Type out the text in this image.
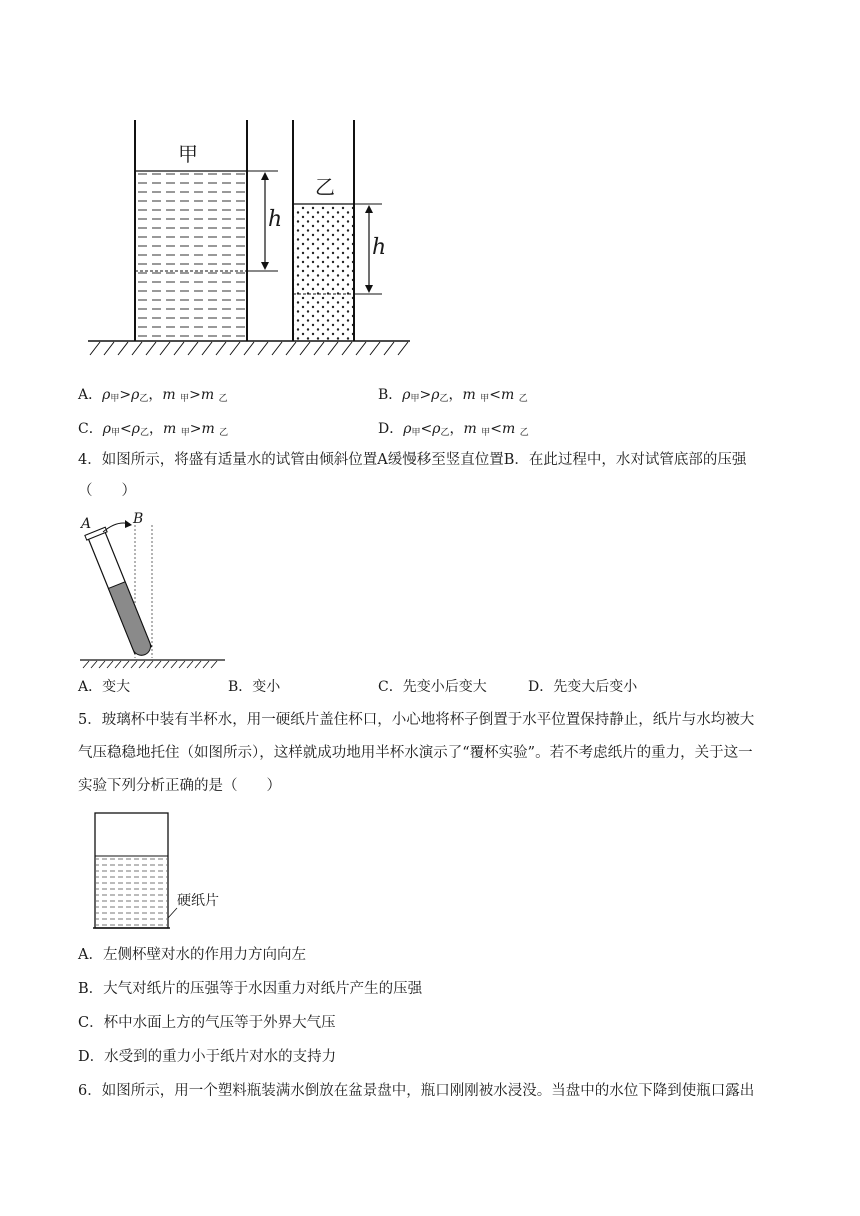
甲
乙
h
h
A．$\rho_甲>\rho_乙$，m $_甲$>m $_乙$	B．$\rho_甲>\rho_乙$，m $_甲$<m $_乙$
C．$\rho_甲<\rho_乙$，m $_甲$>m $_乙$	D．$\rho_甲<\rho_乙$，m $_甲$<m $_乙$
4．如图所示，将盛有适量水的试管由倾斜位置A缓慢移至竖直位置B．在此过程中，水对试管底部的压强
（　　）
A	B
A．变大	B．变小	C．先变小后变大	D．先变大后变小
5．玻璃杯中装有半杯水，用一硬纸片盖住杯口，小心地将杯子倒置于水平位置保持静止，纸片与水均被大
气压稳稳地托住（如图所示），这样就成功地用半杯水演示了“覆杯实验”。若不考虑纸片的重力，关于这一
实验下列分析正确的是（　　）
硬纸片
A．左侧杯壁对水的作用力方向向左
B．大气对纸片的压强等于水因重力对纸片产生的压强
C．杯中水面上方的气压等于外界大气压
D．水受到的重力小于纸片对水的支持力
6．如图所示，用一个塑料瓶装满水倒放在盆景盘中，瓶口刚刚被水浸没。当盘中的水位下降到使瓶口露出
